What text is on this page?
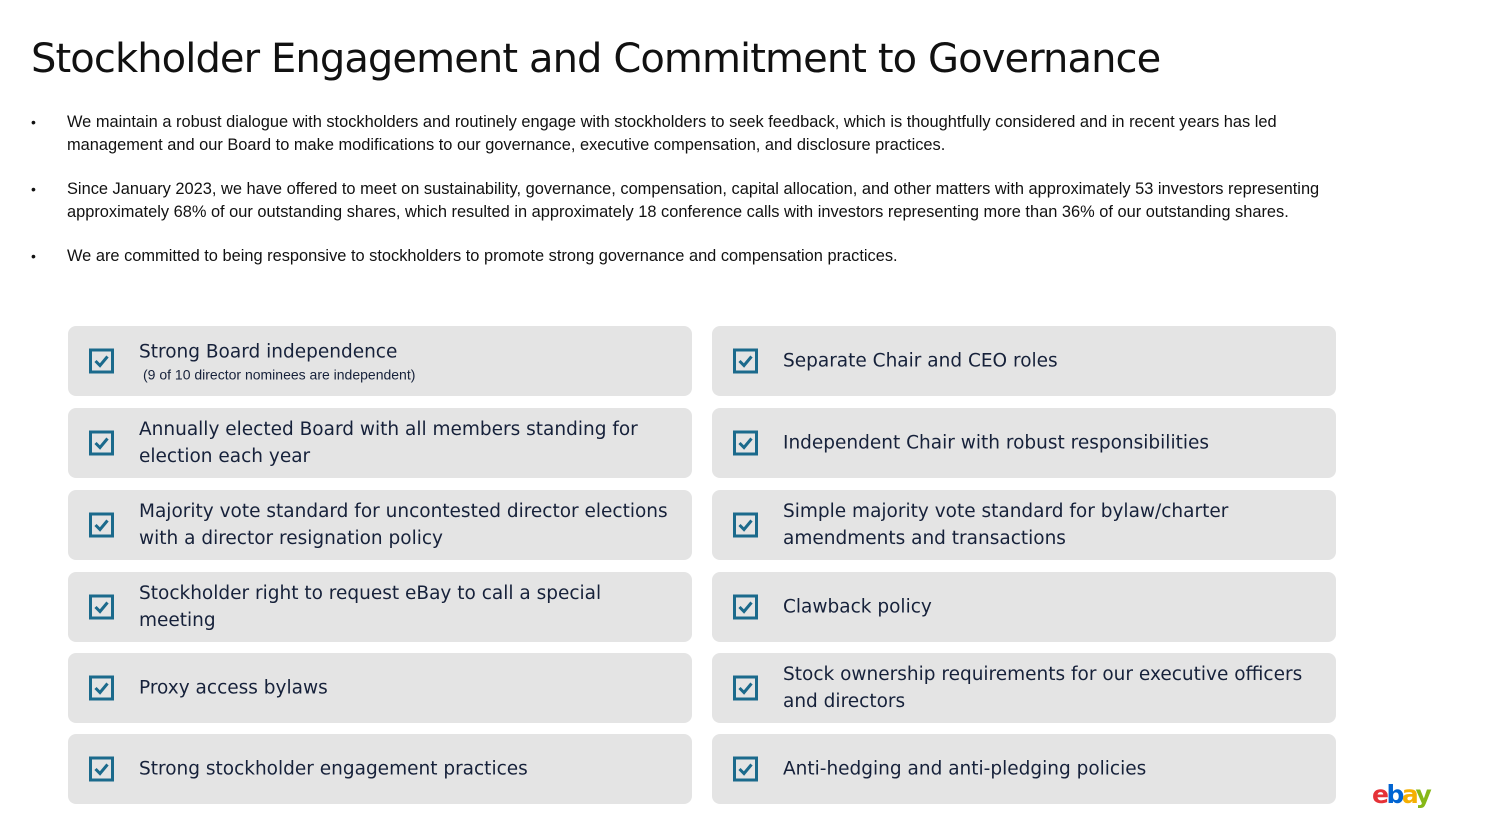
Stockholder Engagement and Commitment to Governance
• We maintain a robust dialogue with stockholders and routinely engage with stockholders to seek feedback, which is thoughtfully considered and in recent years has led management and our Board to make modifications to our governance, executive compensation, and disclosure practices.
• Since January 2023, we have offered to meet on sustainability, governance, compensation, capital allocation, and other matters with approximately 53 investors representing approximately 68% of our outstanding shares, which resulted in approximately 18 conference calls with investors representing more than 36% of our outstanding shares.
• We are committed to being responsive to stockholders to promote strong governance and compensation practices.
Strong Board independence
(9 of 10 director nominees are independent)
Separate Chair and CEO roles
Annually elected Board with all members standing for election each year
Independent Chair with robust responsibilities
Majority vote standard for uncontested director elections with a director resignation policy
Simple majority vote standard for bylaw/charter amendments and transactions
Stockholder right to request eBay to call a special meeting
Clawback policy
Proxy access bylaws
Stock ownership requirements for our executive officers and directors
Strong stockholder engagement practices	Anti-hedging and anti-pledging policies
ebay
